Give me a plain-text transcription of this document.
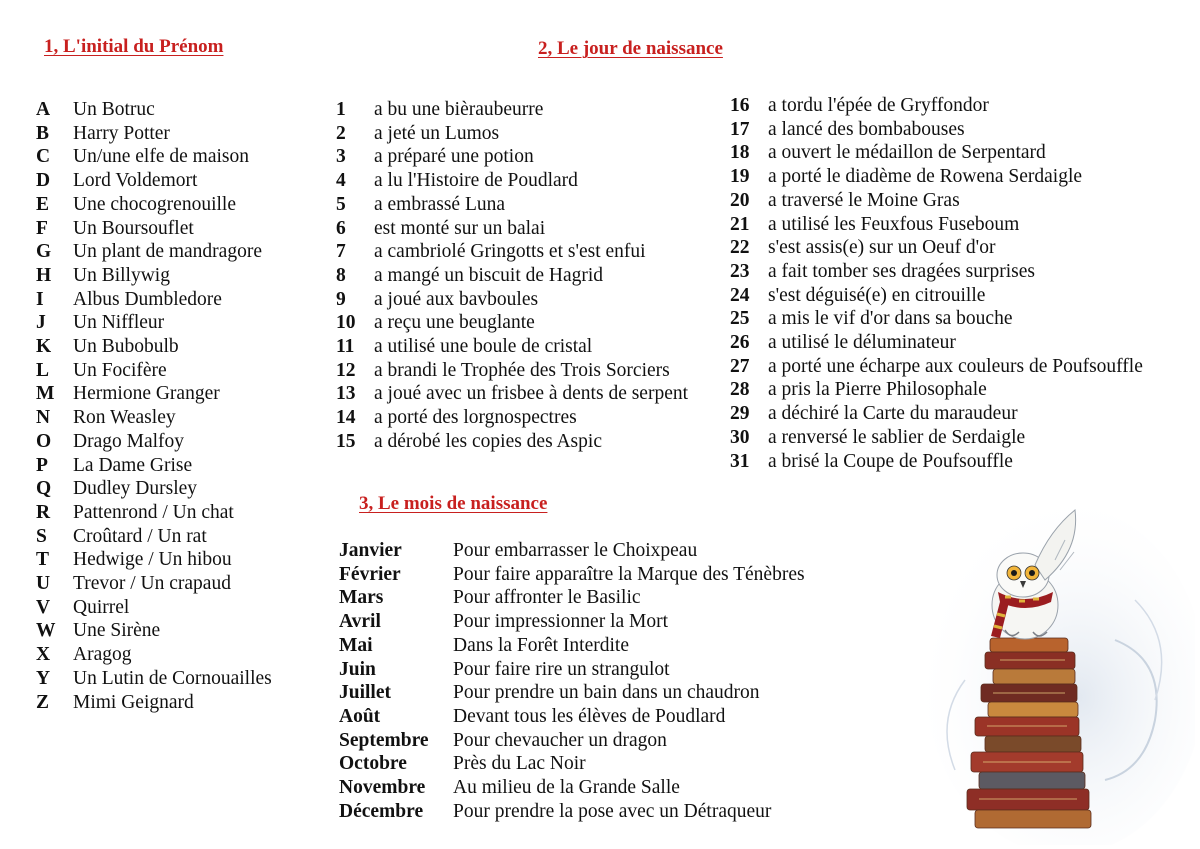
1, L'initial du Prénom	2, Le jour de naissance
3, Le mois de naissance
A	Un Botruc
B	Harry Potter
C	Un/une elfe de maison
D	Lord Voldemort
E	Une chocogrenouille
F	Un Boursouflet
G	Un plant de mandragore
H	Un Billywig
I	Albus Dumbledore
J	Un Niffleur
K	Un Bubobulb
L	Un Focifère
M Hermione Granger
N	Ron Weasley
O	Drago Malfoy
P	La Dame Grise
Q	Dudley Dursley
R	Pattenrond / Un chat
S	Croûtard / Un rat
T	Hedwige / Un hibou
U	Trevor / Un crapaud
V	Quirrel
W Une Sirène
X	Aragog
Y	Un Lutin de Cornouailles
Z	Mimi Geignard
1	a bu une bièraubeurre
2	a jeté un Lumos
3	a préparé une potion
4	a lu l'Histoire de Poudlard
5	a embrassé Luna
6	est monté sur un balai
7	a cambriolé Gringotts et s'est enfui
8	a mangé un biscuit de Hagrid
9	a joué aux bavboules
10 a reçu une beuglante
11	a utilisé une boule de cristal
12 a brandi le Trophée des Trois Sorciers
13 a joué avec un frisbee à dents de serpent
14 a porté des lorgnospectres
15 a dérobé les copies des Aspic
16 a tordu l'épée de Gryffondor
17 a lancé des bombabouses
18 a ouvert le médaillon de Serpentard
19 a porté le diadème de Rowena Serdaigle
20 a traversé le Moine Gras
21 a utilisé les Feuxfous Fuseboum
22 s'est assis(e) sur un Oeuf d'or
23 a fait tomber ses dragées surprises
24 s'est déguisé(e) en citrouille
25 a mis le vif d'or dans sa bouche
26 a utilisé le déluminateur
27 a porté une écharpe aux couleurs de Poufsouffle
28 a pris la Pierre Philosophale
29 a déchiré la Carte du maraudeur
30 a renversé le sablier de Serdaigle
31 a brisé la Coupe de Poufsouffle
Janvier	Pour embarrasser le Choixpeau
Février	Pour faire apparaître la Marque des Ténèbres
Mars	Pour affronter le Basilic
Avril	Pour impressionner la Mort
Mai	Dans la Forêt Interdite
Juin	Pour faire rire un strangulot
Juillet	Pour prendre un bain dans un chaudron
Août	Devant tous les élèves de Poudlard
Septembre	Pour chevaucher un dragon
Octobre	Près du Lac Noir
Novembre	Au milieu de la Grande Salle
Décembre	Pour prendre la pose avec un Détraqueur
